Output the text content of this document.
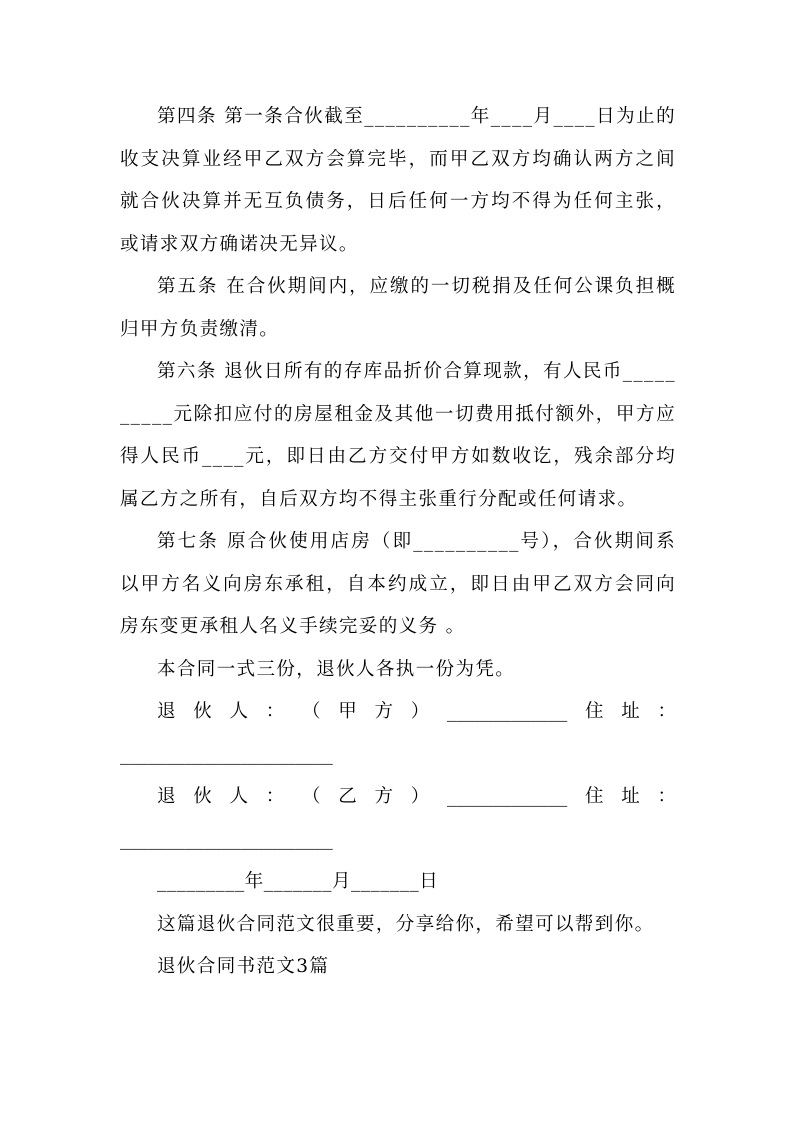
第四条 第一条合伙截至__________年____月____日为止的收支决算业经甲乙双方会算完毕，而甲乙双方均确认两方之间就合伙决算并无互负债务，日后任何一方均不得为任何主张，或请求双方确诺决无异议。

第五条 在合伙期间内，应缴的一切税捐及任何公课负担概归甲方负责缴清。

第六条 退伙日所有的存库品折价合算现款，有人民币__________元除扣应付的房屋租金及其他一切费用抵付额外，甲方应得人民币____元，即日由乙方交付甲方如数收讫，残余部分均属乙方之所有，自后双方均不得主张重行分配或任何请求。

第七条 原合伙使用店房（即__________号），合伙期间系以甲方名义向房东承租，自本约成立，即日由甲乙双方会同向房东变更承租人名义手续完妥的义务 。

本合同一式三份，退伙人各执一份为凭。

退 伙 人 ： （ 甲 方 ） _____________ 住 址 ：
_______________________
退 伙 人 ： （ 乙 方 ） _____________ 住 址 ：
_______________________
_________年_______月_______日

这篇退伙合同范文很重要，分享给你，希望可以帮到你。

退伙合同书范文3篇
